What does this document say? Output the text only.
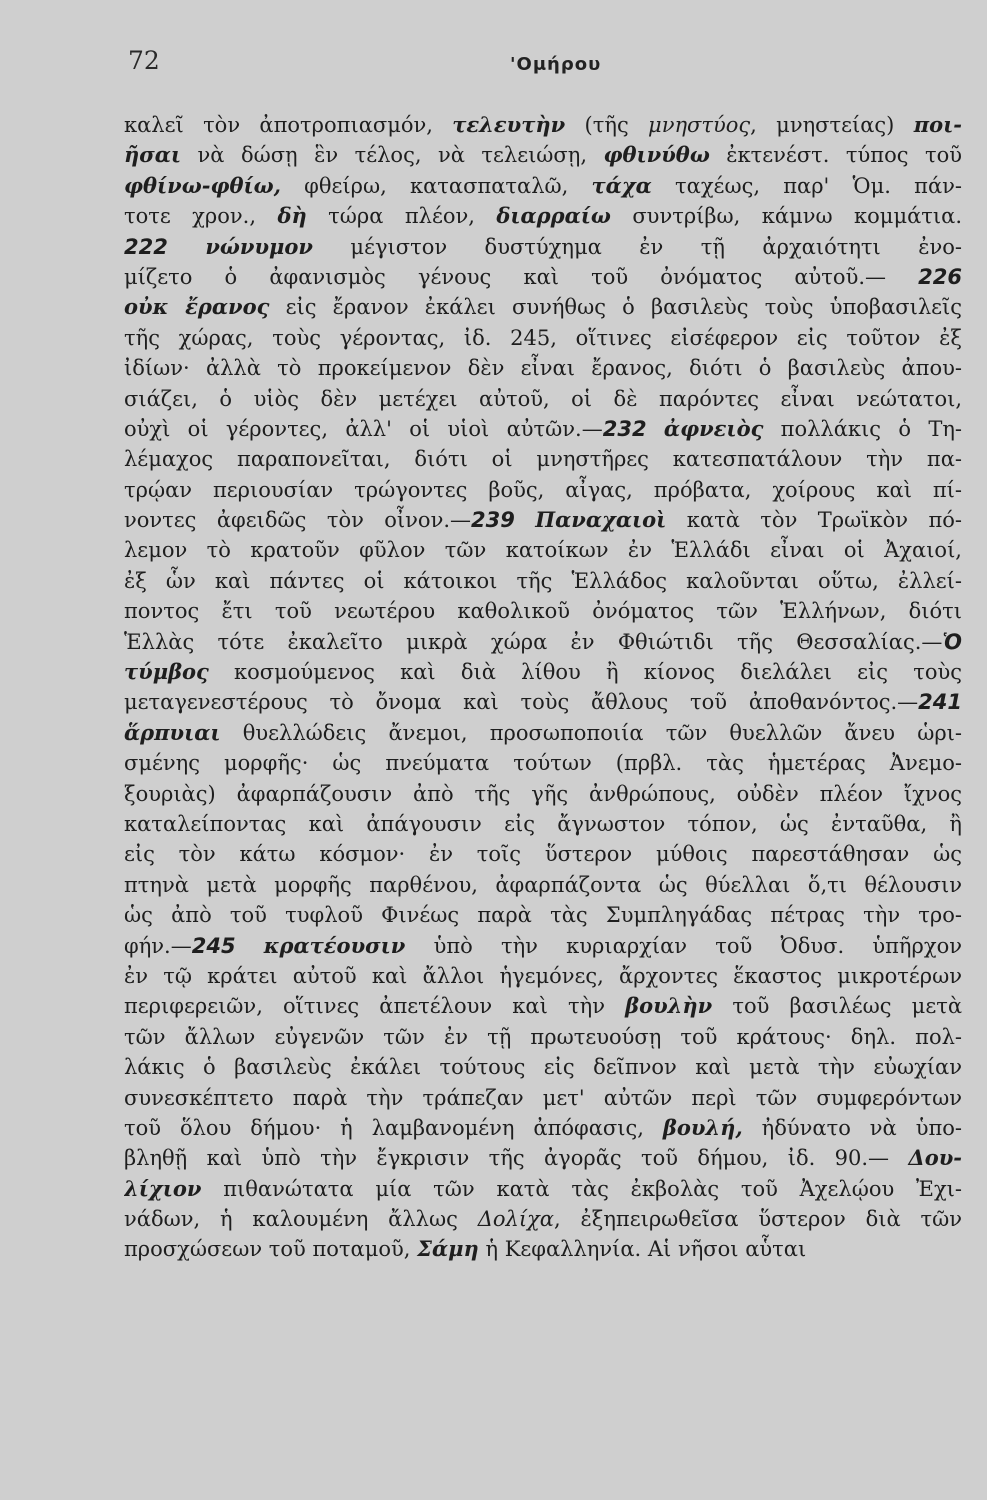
72	'Ομήρου
καλεῖ τὸν ἀποτροπιασμόν, τελευτὴν (τῆς μνηστύος, μνηστείας) ποι-
ῆσαι νὰ δώσῃ ἓν τέλος, νὰ τελειώσῃ, φθινύθω ἐκτενέστ. τύπος τοῦ
φθίνω-φθίω, φθείρω, κατασπαταλῶ, τάχα ταχέως, παρ' Ὁμ. πάν-
τοτε χρον., δὴ τώρα πλέον, διαρραίω συντρίβω, κάμνω κομμάτια.
222 νώνυμον μέγιστον δυστύχημα ἐν τῇ ἀρχαιότητι ἐνο-
μίζετο ὁ ἀφανισμὸς γένους καὶ τοῦ ὀνόματος αὐτοῦ.— 226
οὐκ ἔρανος εἰς ἔρανον ἐκάλει συνήθως ὁ βασιλεὺς τοὺς ὑποβασιλεῖς
τῆς χώρας, τοὺς γέροντας, ἰδ. 245, οἵτινες εἰσέφερον εἰς τοῦτον ἐξ
ἰδίων· ἀλλὰ τὸ προκείμενον δὲν εἶναι ἔρανος, διότι ὁ βασιλεὺς ἀπου-
σιάζει, ὁ υἱὸς δὲν μετέχει αὐτοῦ, οἱ δὲ παρόντες εἶναι νεώτατοι,
οὐχὶ οἱ γέροντες, ἀλλ' οἱ υἱοὶ αὐτῶν.—232 ἀφνειὸς πολλάκις ὁ Τη-
λέμαχος παραπονεῖται, διότι οἱ μνηστῆρες κατεσπατάλουν τὴν πα-
τρῴαν περιουσίαν τρώγοντες βοῦς, αἶγας, πρόβατα, χοίρους καὶ πί-
νοντες ἀφειδῶς τὸν οἶνον.—239 Παναχαιοὶ κατὰ τὸν Τρωϊκὸν πό-
λεμον τὸ κρατοῦν φῦλον τῶν κατοίκων ἐν Ἑλλάδι εἶναι οἱ Ἀχαιοί,
ἐξ ὧν καὶ πάντες οἱ κάτοικοι τῆς Ἑλλάδος καλοῦνται οὕτω, ἐλλεί-
ποντος ἔτι τοῦ νεωτέρου καθολικοῦ ὀνόματος τῶν Ἑλλήνων, διότι
Ἑλλὰς τότε ἐκαλεῖτο μικρὰ χώρα ἐν Φθιώτιδι τῆς Θεσσαλίας.—Ὁ
τύμβος κοσμούμενος καὶ διὰ λίθου ἢ κίονος διελάλει εἰς τοὺς
μεταγενεστέρους τὸ ὄνομα καὶ τοὺς ἄθλους τοῦ ἀποθανόντος.—241
ἅρπυιαι θυελλώδεις ἄνεμοι, προσωποποιία τῶν θυελλῶν ἄνευ ὡρι-
σμένης μορφῆς· ὡς πνεύματα τούτων (πρβλ. τὰς ἡμετέρας Ἀνεμο-
ξουριὰς) ἀφαρπάζουσιν ἀπὸ τῆς γῆς ἀνθρώπους, οὐδὲν πλέον ἴχνος
καταλείποντας καὶ ἀπάγουσιν εἰς ἄγνωστον τόπον, ὡς ἐνταῦθα, ἢ
εἰς τὸν κάτω κόσμον· ἐν τοῖς ὕστερον μύθοις παρεστάθησαν ὡς
πτηνὰ μετὰ μορφῆς παρθένου, ἀφαρπάζοντα ὡς θύελλαι ὅ,τι θέλουσιν
ὡς ἀπὸ τοῦ τυφλοῦ Φινέως παρὰ τὰς Συμπληγάδας πέτρας τὴν τρο-
φήν.—245 κρατέουσιν ὑπὸ τὴν κυριαρχίαν τοῦ Ὀδυσ. ὑπῆρχον
ἐν τῷ κράτει αὐτοῦ καὶ ἄλλοι ἡγεμόνες, ἄρχοντες ἕκαστος μικροτέρων
περιφερειῶν, οἵτινες ἀπετέλουν καὶ τὴν βουλὴν τοῦ βασιλέως μετὰ
τῶν ἄλλων εὐγενῶν τῶν ἐν τῇ πρωτευούσῃ τοῦ κράτους· δηλ. πολ-
λάκις ὁ βασιλεὺς ἐκάλει τούτους εἰς δεῖπνον καὶ μετὰ τὴν εὐωχίαν
συνεσκέπτετο παρὰ τὴν τράπεζαν μετ' αὐτῶν περὶ τῶν συμφερόντων
τοῦ ὅλου δήμου· ἡ λαμβανομένη ἀπόφασις, βουλή, ἠδύνατο νὰ ὑπο-
βληθῇ καὶ ὑπὸ τὴν ἔγκρισιν τῆς ἀγορᾶς τοῦ δήμου, ἰδ. 90.— Δου-
λίχιον πιθανώτατα μία τῶν κατὰ τὰς ἐκβολὰς τοῦ Ἀχελῴου Ἐχι-
νάδων, ἡ καλουμένη ἄλλως Δολίχα, ἐξηπειρωθεῖσα ὕστερον διὰ τῶν
προσχώσεων τοῦ ποταμοῦ, Σάμη ἡ Κεφαλληνία. Αἱ νῆσοι αὗται
